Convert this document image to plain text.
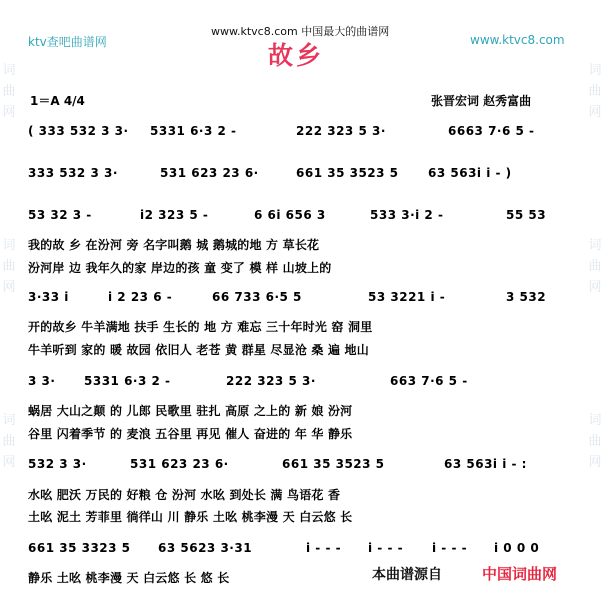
词曲网
词曲网
词曲网
词曲网
词曲网
词曲网
ktv查吧曲谱网
www.ktvc8.com 中国最大的曲谱网
www.ktvc8.com
故乡
1＝A 4/4	张晋宏词 赵秀富曲
( 333 532 3 3· 5331 6·3 2 -	222 323 5 3·	6663 7·6 5 -
333 532 3 3·	531 623 23 6·	661 35 3523 5 63 563i i - )
53 32 3 -	i2 323 5 -	6 6i 656 3	533 3·i 2 -	55 53
我的故 乡 在汾河 旁 名字叫鹅 城 鹅城的地 方 草长花
汾河岸 边 我年久的家 岸边的孩 童 变了 模 样 山坡上的
3·33 i	i 2 23 6 -	66 733 6·5 5	53 3221 i -	3 532
开的故乡 牛羊满地 扶手 生长的 地 方 难忘 三十年时光 窑 洞里
牛羊听到 家的 暖 故园 依旧人 老苍 黄 群星 尽显沧 桑 遍 地山
3 3· 5331 6·3 2 -	222 323 5 3·	663 7·6 5 -
蜗居 大山之颠 的 儿郎 民歌里 驻扎 高原 之上的 新 娘 汾河
谷里 闪着季节 的 麦浪 五谷里 再见 催人 奋进的 年 华 静乐
532 3 3·	531 623 23 6·	661 35 3523 5	63 563i i - :
水吆 肥沃 万民的 好粮 仓 汾河 水吆 到处长 满 鸟语花 香
土吆 泥土 芳菲里 徜徉山 川 静乐 土吆 桃李漫 天 白云悠 长
661 35 3323 5 63 5623 3·31	i - - - i - - - i - - - i 0 0 0
静乐 土吆 桃李漫 天 白云悠 长 悠 长	本曲谱源自	中国词曲网
